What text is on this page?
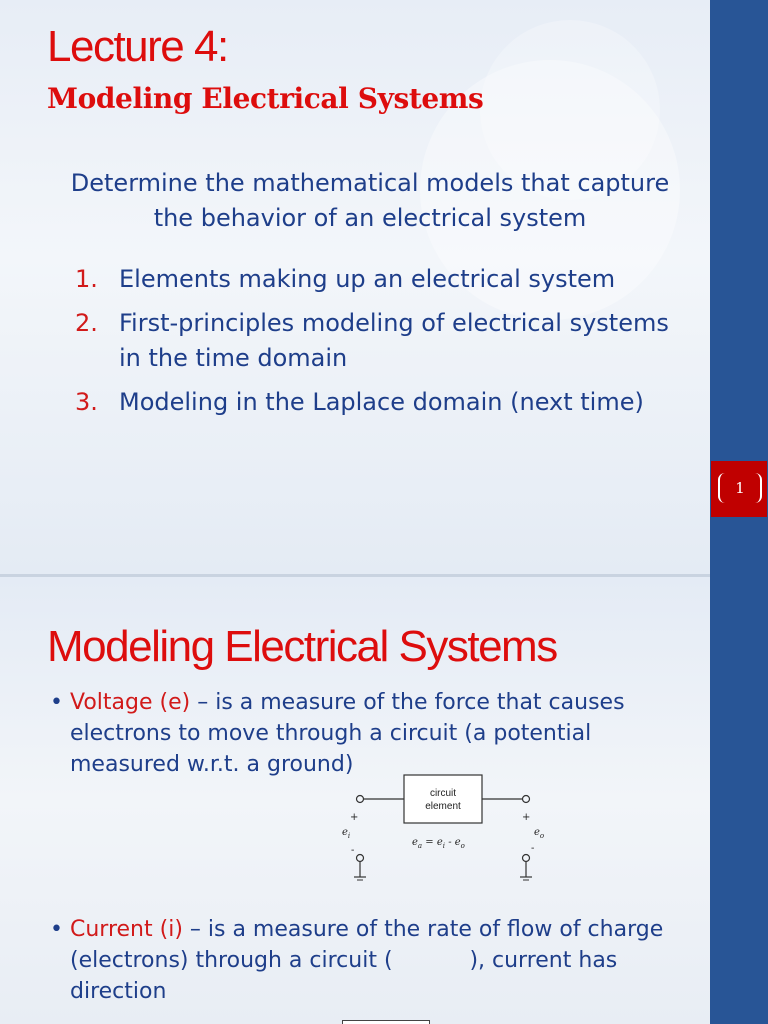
Lecture 4:
Modeling Electrical Systems
Determine the mathematical models that capture the behavior of an electrical system
1. Elements making up an electrical system
2. First-principles modeling of electrical systems in the time domain
3. Modeling in the Laplace domain (next time)
1
Modeling Electrical Systems
• Voltage (e) – is a measure of the force that causes electrons to move through a circuit (a potential measured w.r.t. a ground)
circuit
element
+
$e_i$
-
+
$e_o$
-
$e_a = e_i - e_o$
• Current (i) – is a measure of the rate of flow of charge (electrons) through a circuit (           ), current has direction
